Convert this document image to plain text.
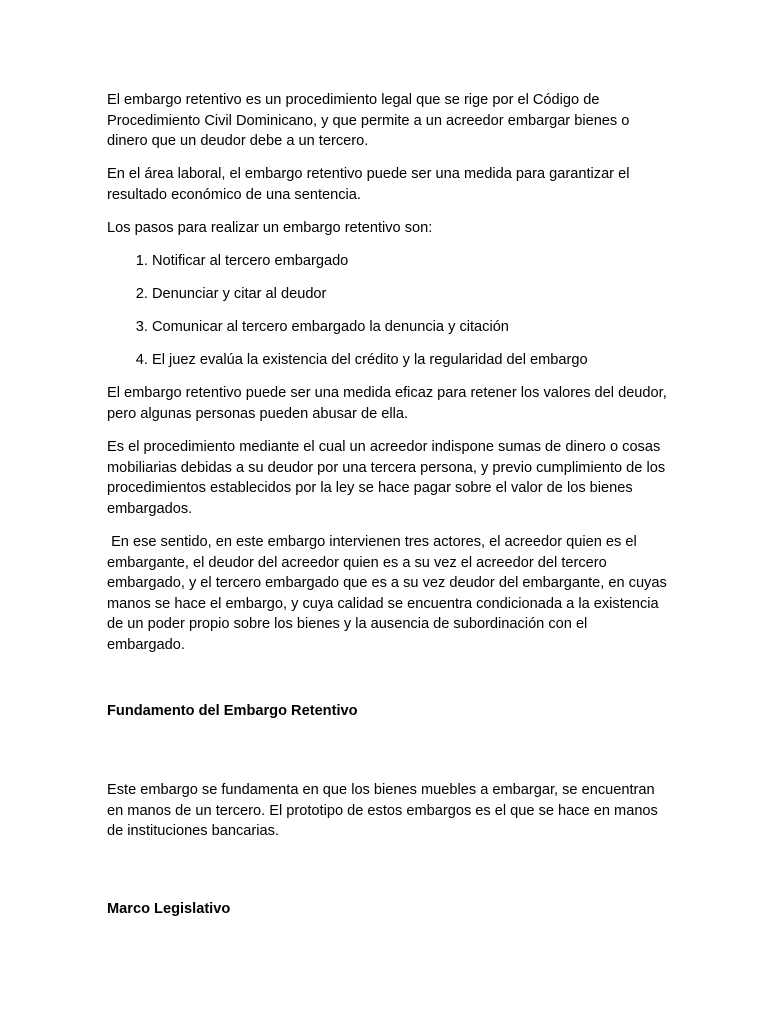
El embargo retentivo es un procedimiento legal que se rige por el Código de Procedimiento Civil Dominicano, y que permite a un acreedor embargar bienes o dinero que un deudor debe a un tercero.

En el área laboral, el embargo retentivo puede ser una medida para garantizar el resultado económico de una sentencia.

Los pasos para realizar un embargo retentivo son:

1. Notificar al tercero embargado
2. Denunciar y citar al deudor
3. Comunicar al tercero embargado la denuncia y citación
4. El juez evalúa la existencia del crédito y la regularidad del embargo

El embargo retentivo puede ser una medida eficaz para retener los valores del deudor, pero algunas personas pueden abusar de ella.

Es el procedimiento mediante el cual un acreedor indispone sumas de dinero o cosas mobiliarias debidas a su deudor por una tercera persona, y previo cumplimiento de los procedimientos establecidos por la ley se hace pagar sobre el valor de los bienes embargados.

En ese sentido, en este embargo intervienen tres actores, el acreedor quien es el embargante, el deudor del acreedor quien es a su vez el acreedor del tercero embargado, y el tercero embargado que es a su vez deudor del embargante, en cuyas manos se hace el embargo, y cuya calidad se encuentra condicionada a la existencia de un poder propio sobre los bienes y la ausencia de subordinación con el embargado.

Fundamento del Embargo Retentivo

Este embargo se fundamenta en que los bienes muebles a embargar, se encuentran en manos de un tercero. El prototipo de estos embargos es el que se hace en manos de instituciones bancarias.

Marco Legislativo
